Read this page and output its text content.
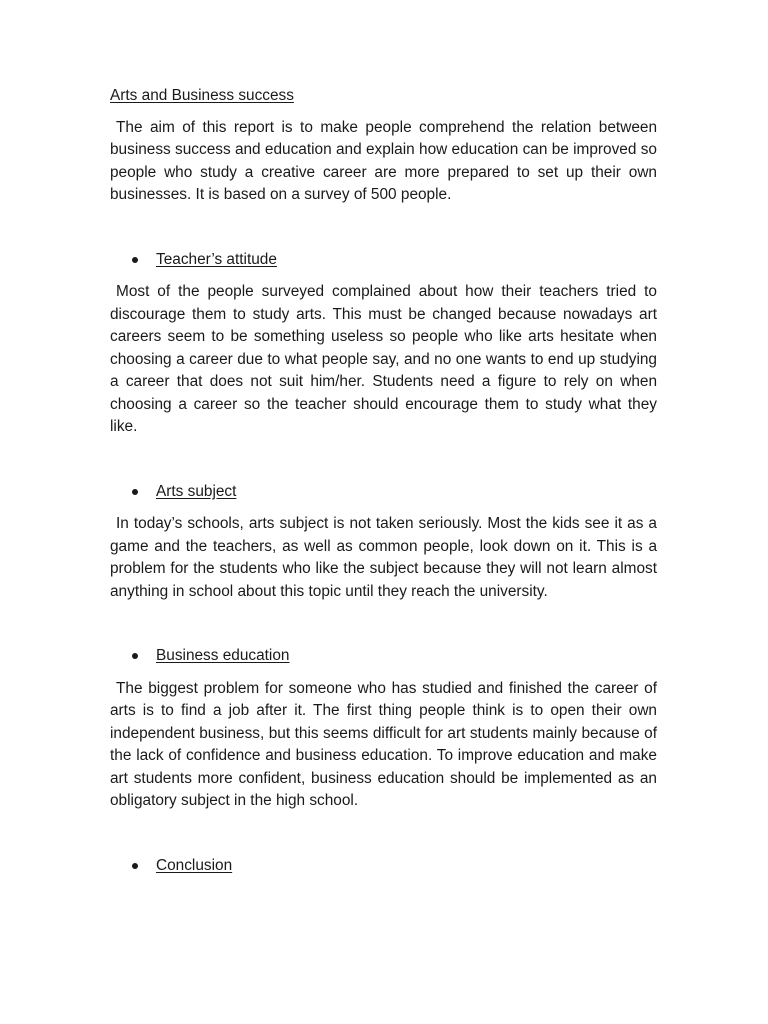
Arts and Business success

The aim of this report is to make people comprehend the relation between business success and education and explain how education can be improved so people who study a creative career are more prepared to set up their own businesses. It is based on a survey of 500 people.

Teacher’s attitude

Most of the people surveyed complained about how their teachers tried to discourage them to study arts. This must be changed because nowadays art careers seem to be something useless so people who like arts hesitate when choosing a career due to what people say, and no one wants to end up studying a career that does not suit him/her. Students need a figure to rely on when choosing a career so the teacher should encourage them to study what they like.

Arts subject

In today’s schools, arts subject is not taken seriously. Most the kids see it as a game and the teachers, as well as common people, look down on it. This is a problem for the students who like the subject because they will not learn almost anything in school about this topic until they reach the university.

Business education

The biggest problem for someone who has studied and finished the career of arts is to find a job after it. The first thing people think is to open their own independent business, but this seems difficult for art students mainly because of the lack of confidence and business education. To improve education and make art students more confident, business education should be implemented as an obligatory subject in the high school.

Conclusion
